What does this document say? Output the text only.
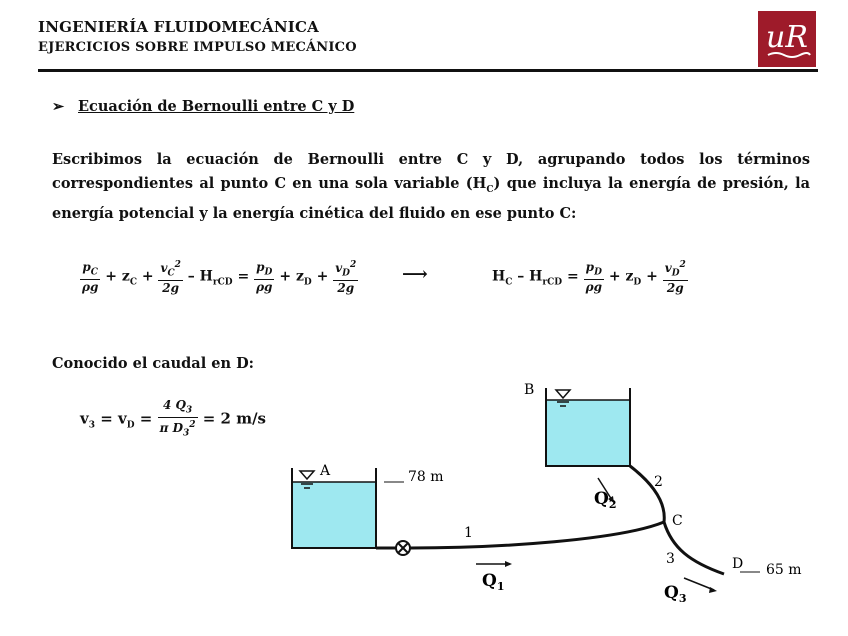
INGENIERÍA FLUIDOMECÁNICA
EJERCICIOS SOBRE IMPULSO MECÁNICO	uR
➢ Ecuación de Bernoulli entre C y D
Escribimos la ecuación de Bernoulli entre C y D, agrupando todos los términos correspondientes al punto C en una sola variable $(H_C)$ que incluya la energía de presión, la energía potencial y la energía cinética del fluido en ese punto C:
$\frac{p_C}{\rho g} + z_C + \frac{v_C^2}{2g} - H_{rCD} = \frac{p_D}{\rho g} + z_D + \frac{v_D^2}{2g}$ ⟶	$H_C - H_{rCD} = \frac{p_D}{\rho g} + z_D + \frac{v_D^2}{2g}$
Conocido el caudal en D:
$v_3 = v_D = \frac{4 Q_3}{\pi D_3^2} = 2$ m/s
B
A	78 m
1
2
3
C
D 65 m
$Q_1$
$Q_2$
$Q_3$
